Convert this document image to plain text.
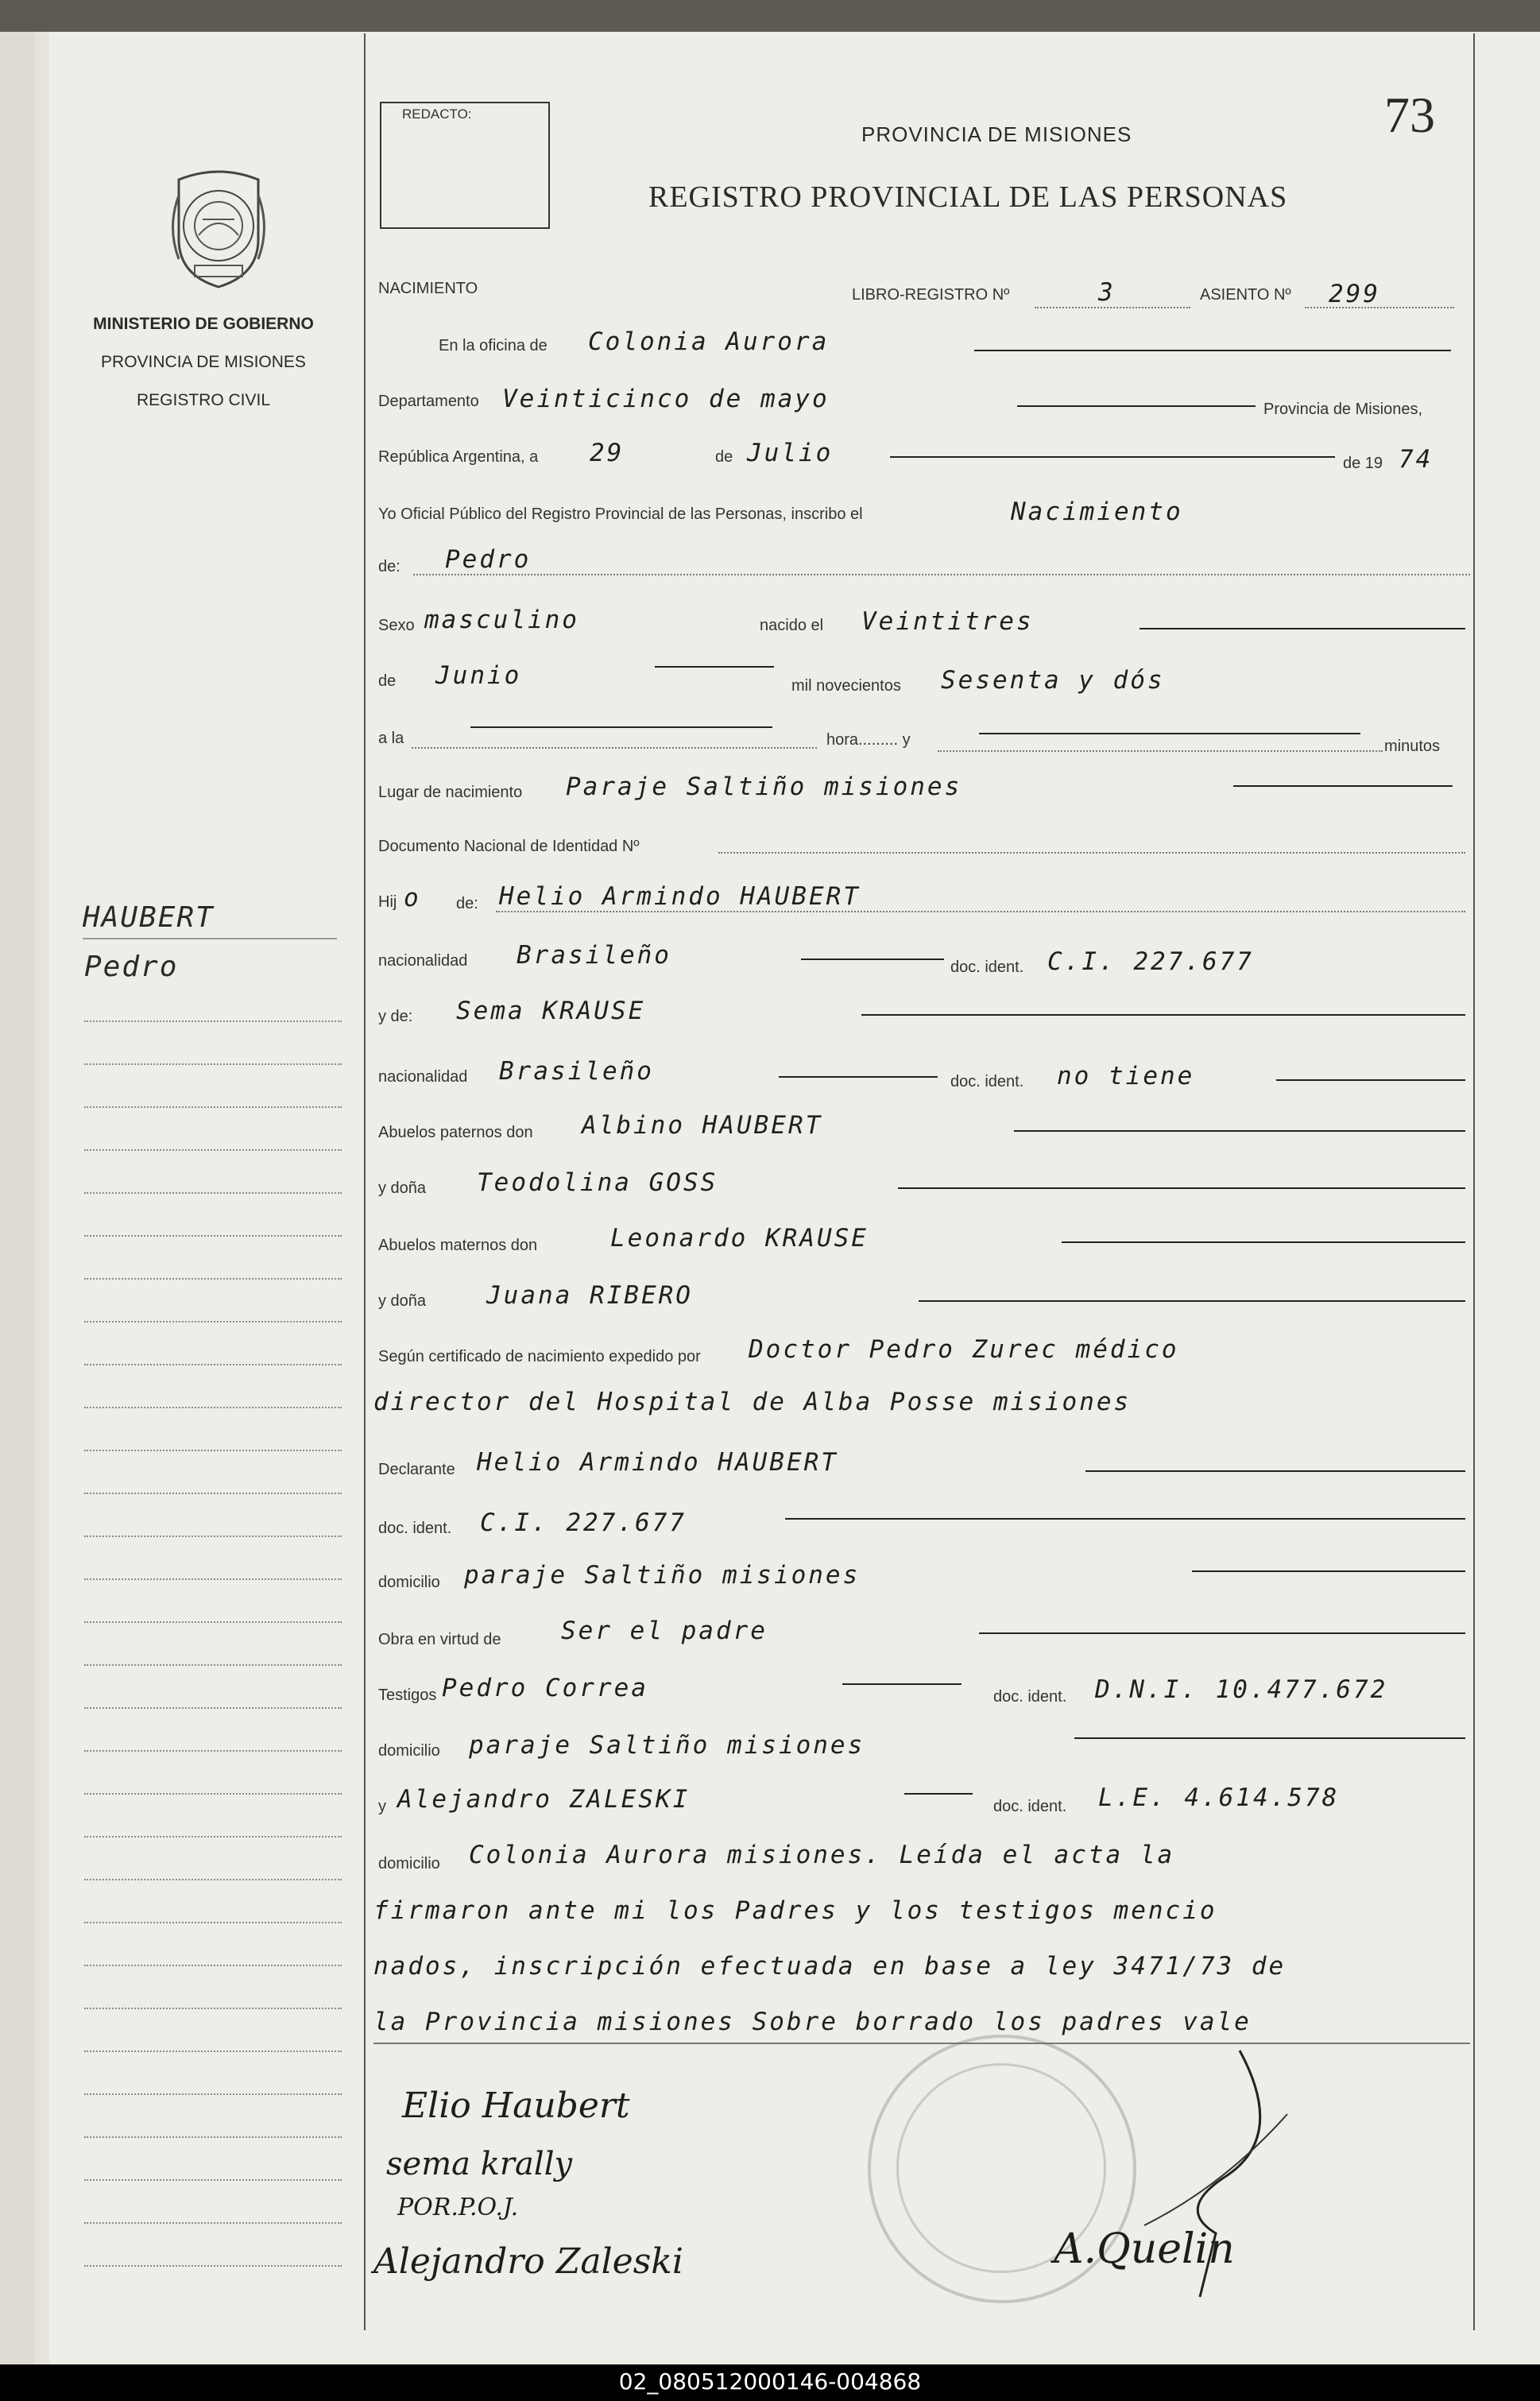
MINISTERIO DE GOBIERNO
PROVINCIA DE MISIONES
REGISTRO CIVIL
HAUBERT
Pedro
REDACTO:
PROVINCIA DE MISIONES
REGISTRO PROVINCIAL DE LAS PERSONAS
73
NACIMIENTO	LIBRO-REGISTRO Nº	3	ASIENTO Nº 299
En la oficina de Colonia Aurora
Departamento Veinticinco de mayo	Provincia de Misiones,
República Argentina, a 29	de Julio	de 19 74
Yo Oficial Público del Registro Provincial de las Personas, inscribo el	Nacimiento
de: Pedro
Sexo masculino	nacido el Veintitres
de Junio	mil novecientos Sesenta y dós
a la	hora......... y	minutos
Lugar de nacimiento Paraje Saltiño misiones
Documento Nacional de Identidad Nº
Hij o de: Helio Armindo HAUBERT
nacionalidad Brasileño	doc. ident. C.I. 227.677
y de: Sema KRAUSE
nacionalidad Brasileño	doc. ident. no tiene
Abuelos paternos don Albino HAUBERT
y doña Teodolina GOSS
Abuelos maternos don	Leonardo KRAUSE
y doña Juana RIBERO
Según certificado de nacimiento expedido por Doctor Pedro Zurec médico
director del Hospital de Alba Posse misiones
Declarante Helio Armindo HAUBERT
doc. ident. C.I. 227.677
domicilio paraje Saltiño misiones
Obra en virtud de Ser el padre
Testigos Pedro Correa	doc. ident. D.N.I. 10.477.672
domicilio paraje Saltiño misiones
y Alejandro ZALESKI	doc. ident. L.E. 4.614.578
domicilio Colonia Aurora misiones. Leída el acta la
firmaron ante mi los Padres y los testigos mencio
nados, inscripción efectuada en base a ley 3471/73 de
la Provincia misiones Sobre borrado los padres vale
Elio Haubert
sema krally
POR.P.O.J.
Alejandro Zaleski	A.Quelin
02_080512000146-004868
